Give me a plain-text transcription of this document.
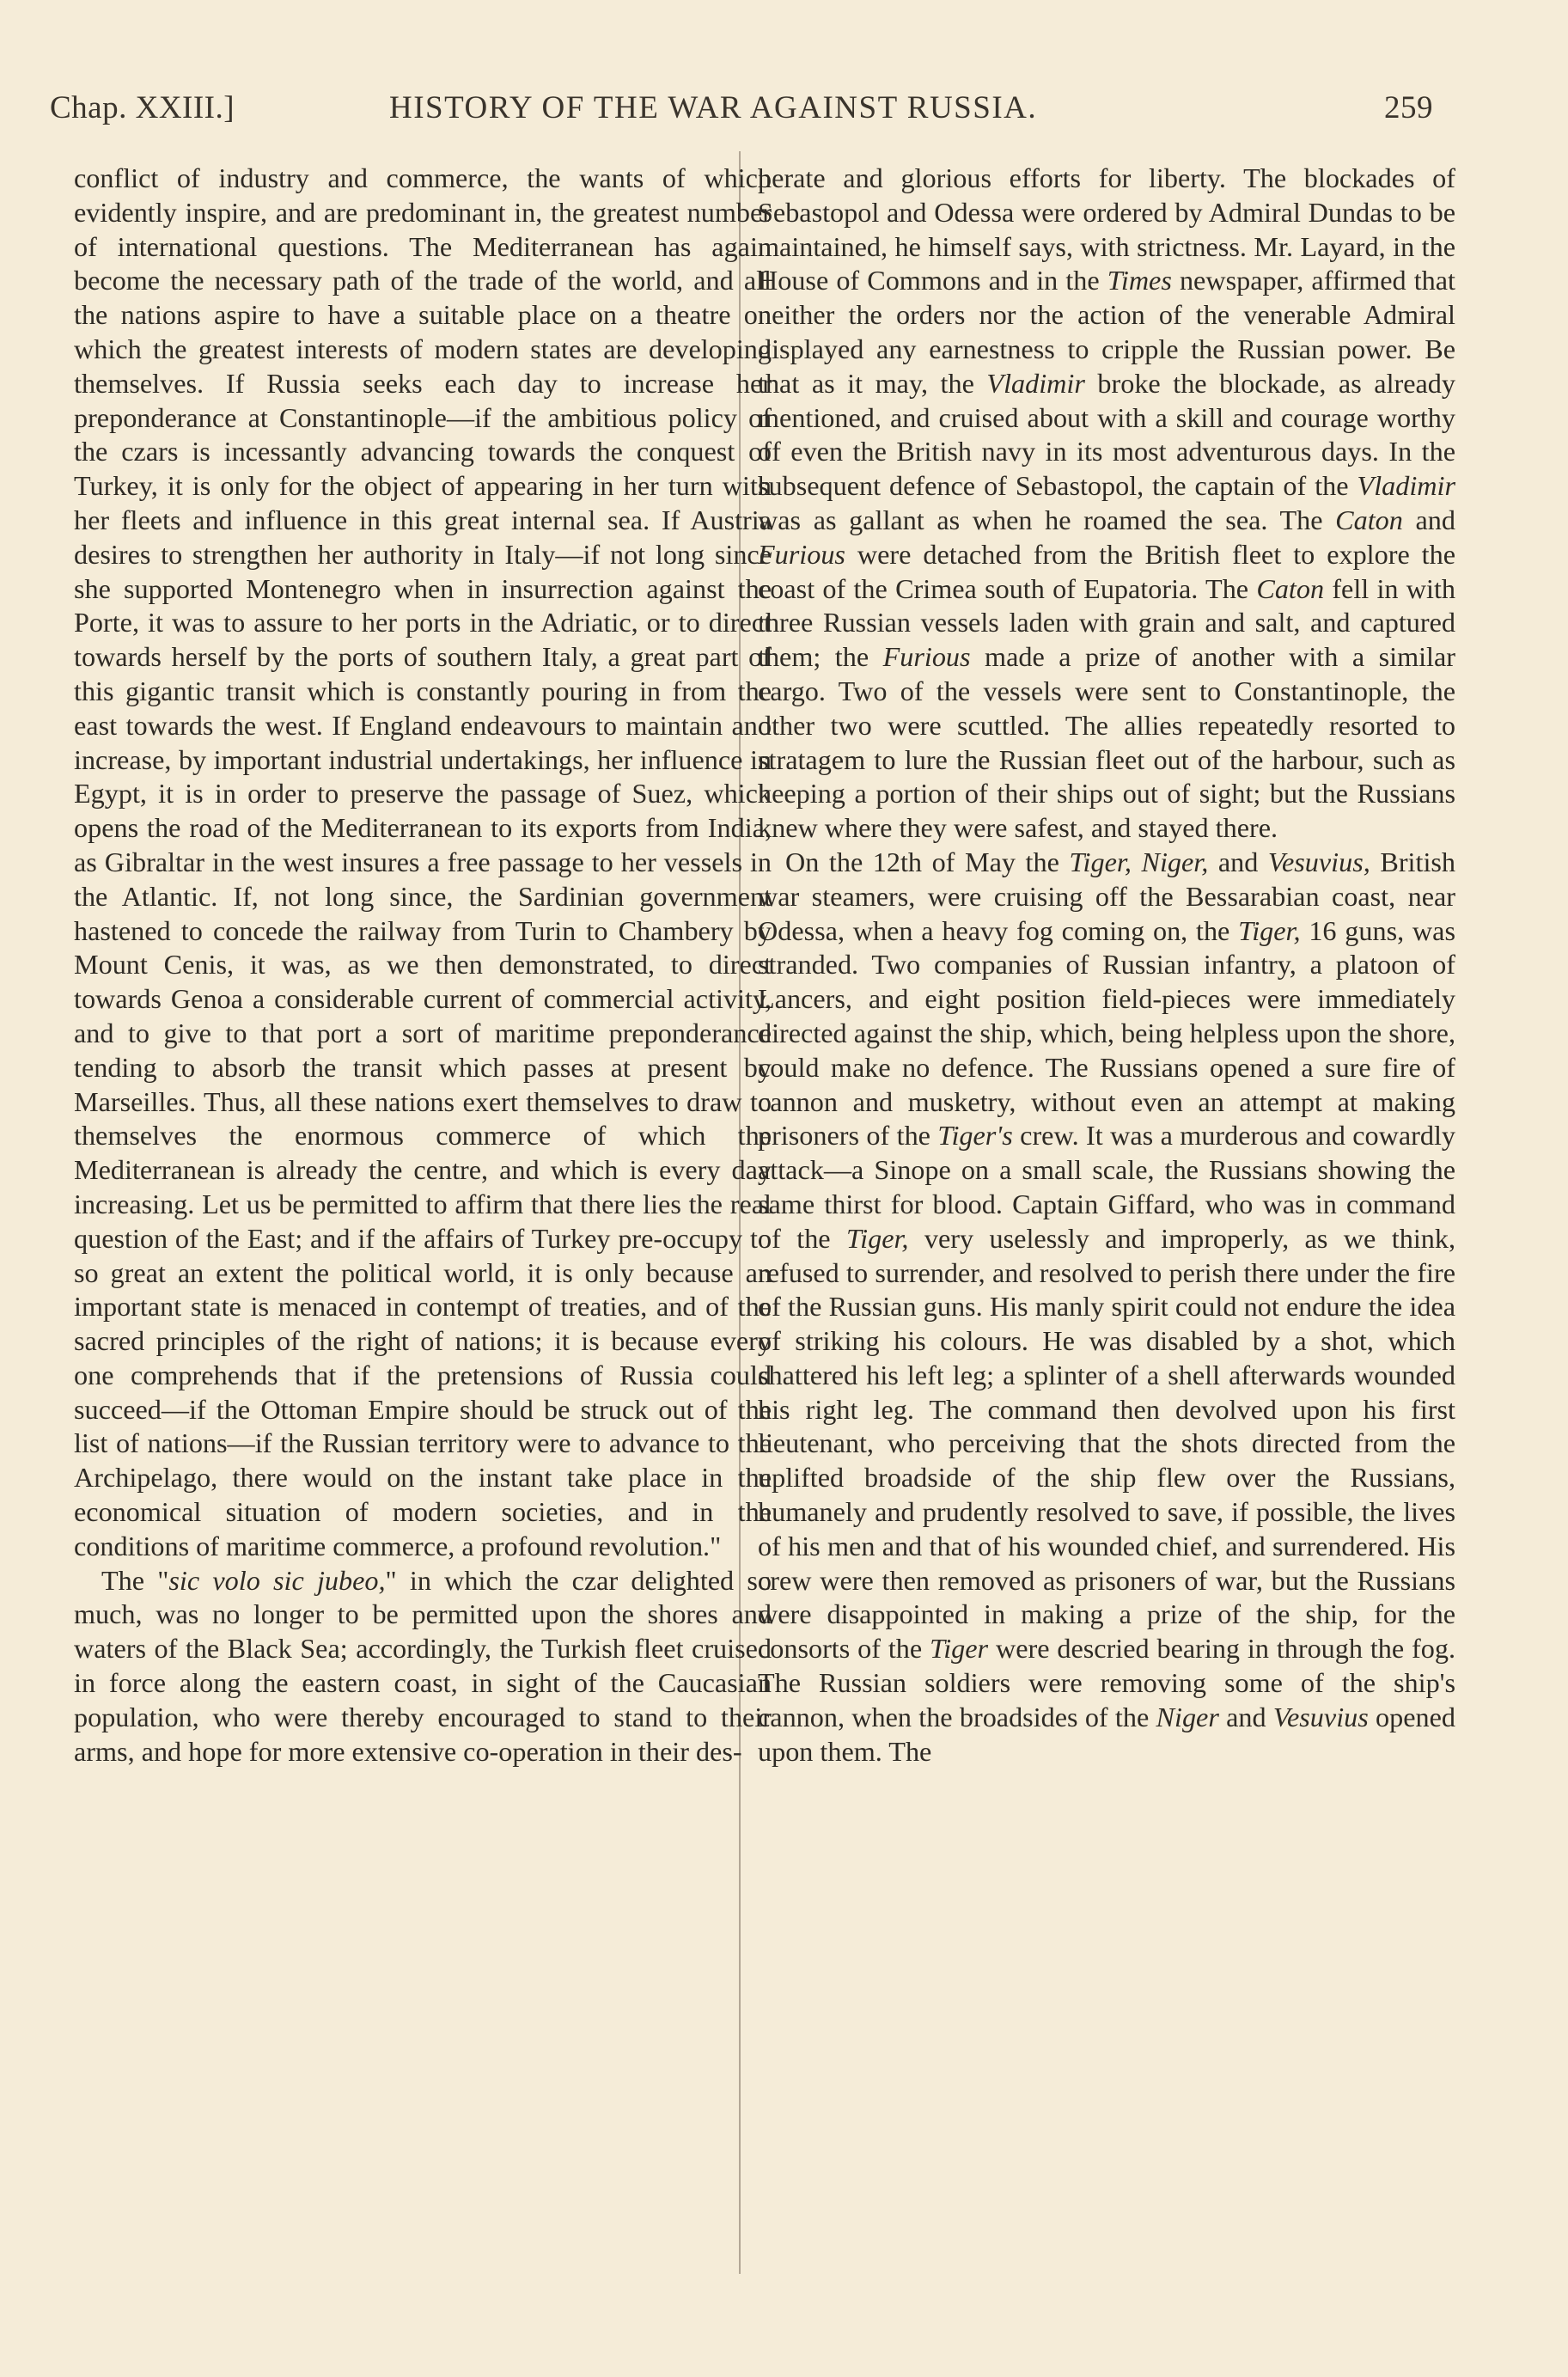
Chap. XXIII.]	HISTORY OF THE WAR AGAINST RUSSIA.	259

conflict of industry and commerce, the wants of which evidently inspire, and are predominant in, the greatest number of international questions. The Mediterranean has again become the necessary path of the trade of the world, and all the nations aspire to have a suitable place on a theatre on which the greatest interests of modern states are developing themselves. If Russia seeks each day to increase her preponderance at Constantinople—if the ambitious policy of the czars is incessantly advancing towards the conquest of Turkey, it is only for the object of appearing in her turn with her fleets and influence in this great internal sea. If Austria desires to strengthen her authority in Italy—if not long since she supported Montenegro when in insurrection against the Porte, it was to assure to her ports in the Adriatic, or to direct towards herself by the ports of southern Italy, a great part of this gigantic transit which is constantly pouring in from the east towards the west. If England endeavours to maintain and increase, by important industrial undertakings, her influence in Egypt, it is in order to preserve the passage of Suez, which opens the road of the Mediterranean to its exports from India, as Gibraltar in the west insures a free passage to her vessels in the Atlantic. If, not long since, the Sardinian government hastened to concede the railway from Turin to Chambery by Mount Cenis, it was, as we then demonstrated, to direct towards Genoa a considerable current of commercial activity, and to give to that port a sort of maritime preponderance tending to absorb the transit which passes at present by Marseilles. Thus, all these nations exert themselves to draw to themselves the enormous commerce of which the Mediterranean is already the centre, and which is every day increasing. Let us be permitted to affirm that there lies the real question of the East; and if the affairs of Turkey pre-occupy to so great an extent the political world, it is only because an important state is menaced in contempt of treaties, and of the sacred principles of the right of nations; it is because every one comprehends that if the pretensions of Russia could succeed—if the Ottoman Empire should be struck out of the list of nations—if the Russian territory were to advance to the Archipelago, there would on the instant take place in the economical situation of modern societies, and in the conditions of maritime commerce, a profound revolution."

The "sic volo sic jubeo," in which the czar delighted so much, was no longer to be permitted upon the shores and waters of the Black Sea; accordingly, the Turkish fleet cruised in force along the eastern coast, in sight of the Caucasian population, who were thereby encouraged to stand to their arms, and hope for more extensive co-operation in their des-

perate and glorious efforts for liberty. The blockades of Sebastopol and Odessa were ordered by Admiral Dundas to be maintained, he himself says, with strictness. Mr. Layard, in the House of Commons and in the Times newspaper, affirmed that neither the orders nor the action of the venerable Admiral displayed any earnestness to cripple the Russian power. Be that as it may, the Vladimir broke the blockade, as already mentioned, and cruised about with a skill and courage worthy of even the British navy in its most adventurous days. In the subsequent defence of Sebastopol, the captain of the Vladimir was as gallant as when he roamed the sea. The Caton and Furious were detached from the British fleet to explore the coast of the Crimea south of Eupatoria. The Caton fell in with three Russian vessels laden with grain and salt, and captured them; the Furious made a prize of another with a similar cargo. Two of the vessels were sent to Constantinople, the other two were scuttled. The allies repeatedly resorted to stratagem to lure the Russian fleet out of the harbour, such as keeping a portion of their ships out of sight; but the Russians knew where they were safest, and stayed there.

On the 12th of May the Tiger, Niger, and Vesuvius, British war steamers, were cruising off the Bessarabian coast, near Odessa, when a heavy fog coming on, the Tiger, 16 guns, was stranded. Two companies of Russian infantry, a platoon of Lancers, and eight position field-pieces were immediately directed against the ship, which, being helpless upon the shore, could make no defence. The Russians opened a sure fire of cannon and musketry, without even an attempt at making prisoners of the Tiger's crew. It was a murderous and cowardly attack—a Sinope on a small scale, the Russians showing the same thirst for blood. Captain Giffard, who was in command of the Tiger, very uselessly and improperly, as we think, refused to surrender, and resolved to perish there under the fire of the Russian guns. His manly spirit could not endure the idea of striking his colours. He was disabled by a shot, which shattered his left leg; a splinter of a shell afterwards wounded his right leg. The command then devolved upon his first lieutenant, who perceiving that the shots directed from the uplifted broadside of the ship flew over the Russians, humanely and prudently resolved to save, if possible, the lives of his men and that of his wounded chief, and surrendered. His crew were then removed as prisoners of war, but the Russians were disappointed in making a prize of the ship, for the consorts of the Tiger were descried bearing in through the fog. The Russian soldiers were removing some of the ship's cannon, when the broadsides of the Niger and Vesuvius opened upon them. The
